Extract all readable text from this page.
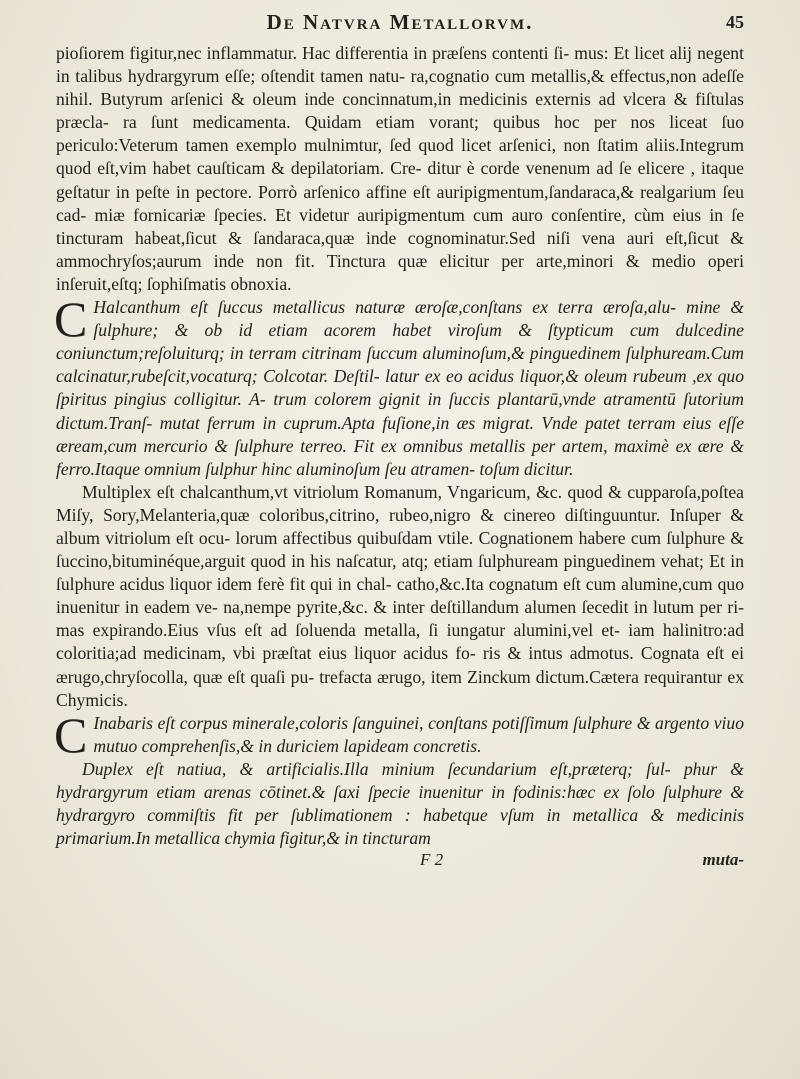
De Natvra Metallorvm.	45

pioſiorem figitur,nec inflammatur. Hac differentia in præſens contenti ſi- mus: Et licet alij negent in talibus hydrargyrum eſſe; oſtendit tamen natu- ra,cognatio cum metallis,& effectus,non adeſſe nihil. Butyrum arſenici & oleum inde concinnatum,in medicinis externis ad vlcera & fiſtulas præcla- ra ſunt medicamenta. Quidam etiam vorant; quibus hoc per nos liceat ſuo periculo:Veterum tamen exemplo mulnimtur, ſed quod licet arſenici, non ſtatim aliis.Integrum quod eſt,vim habet cauſticam & depilatoriam. Cre- ditur è corde venenum ad ſe elicere , itaque geſtatur in peſte in pectore. Porrò arſenico affine eſt auripigmentum,ſandaraca,& realgarium ſeu cad- miæ fornicariæ ſpecies. Et videtur auripigmentum cum auro conſentire, cùm eius in ſe tincturam habeat,ſicut & ſandaraca,quæ inde cognominatur.Sed niſi vena auri eſt,ſicut & ammochryſos;aurum inde non fit. Tinctura quæ elicitur per arte,minori & medio operi inſeruit,eſtq; ſophiſmatis obnoxia.

C Halcanthum eſt ſuccus metallicus naturæ æroſæ,conſtans ex terra æroſa,alu- mine & ſulphure; & ob id etiam acorem habet viroſum & ſtypticum cum dulcedine coniunctum;reſoluiturq; in terram citrinam ſuccum aluminoſum,& pinguedinem ſulphuream.Cum calcinatur,rubeſcit,vocaturq; Colcotar. Deſtil- latur ex eo acidus liquor,& oleum rubeum ,ex quo ſpiritus pingius colligitur. A- trum colorem gignit in ſuccis plantarū,vnde atramentū ſutorium dictum.Tranſ- mutat ferrum in cuprum.Apta fuſione,in æs migrat. Vnde patet terram eius eſſe æream,cum mercurio & ſulphure terreo. Fit ex omnibus metallis per artem, maximè ex ære & ferro.Itaque omnium ſulphur hinc aluminoſum ſeu atramen- toſum dicitur.

Multiplex eſt chalcanthum,vt vitriolum Romanum, Vngaricum, &c. quod & cupparoſa,poſtea Miſy, Sory,Melanteria,quæ coloribus,citrino, rubeo,nigro & cinereo diſtinguuntur. Inſuper & album vitriolum eſt ocu- lorum affectibus quibuſdam vtile. Cognationem habere cum ſulphure & ſuccino,bituminéque,arguit quod in his naſcatur, atq; etiam ſulphuream pinguedinem vehat; Et in ſulphure acidus liquor idem ferè fit qui in chal- catho,&c.Ita cognatum eſt cum alumine,cum quo inuenitur in eadem ve- na,nempe pyrite,&c. & inter deſtillandum alumen ſecedit in lutum per ri- mas expirando.Eius vſus eſt ad ſoluenda metalla, ſi iungatur alumini,vel et- iam halinitro:ad coloritia;ad medicinam, vbi præſtat eius liquor acidus fo- ris & intus admotus. Cognata eſt ei ærugo,chryſocolla, quæ eſt quaſi pu- trefacta ærugo, item Zinckum dictum.Cætera requirantur ex Chymicis.

C Inabaris eſt corpus minerale,coloris ſanguinei, conſtans potiſſimum ſulphure & argento viuo mutuo comprehenſis,& in duriciem lapideam concretis.

Duplex eſt natiua, & artificialis.Illa minium ſecundarium eſt,præterq; ſul- phur & hydrargyrum etiam arenas cōtinet.& ſaxi ſpecie inuenitur in fodinis:hæc ex ſolo ſulphure & hydrargyro commiſtis fit per ſublimationem : habetque vſum in metallica & medicinis primarium.In metallica chymia figitur,& in tincturam

F 2	muta-
